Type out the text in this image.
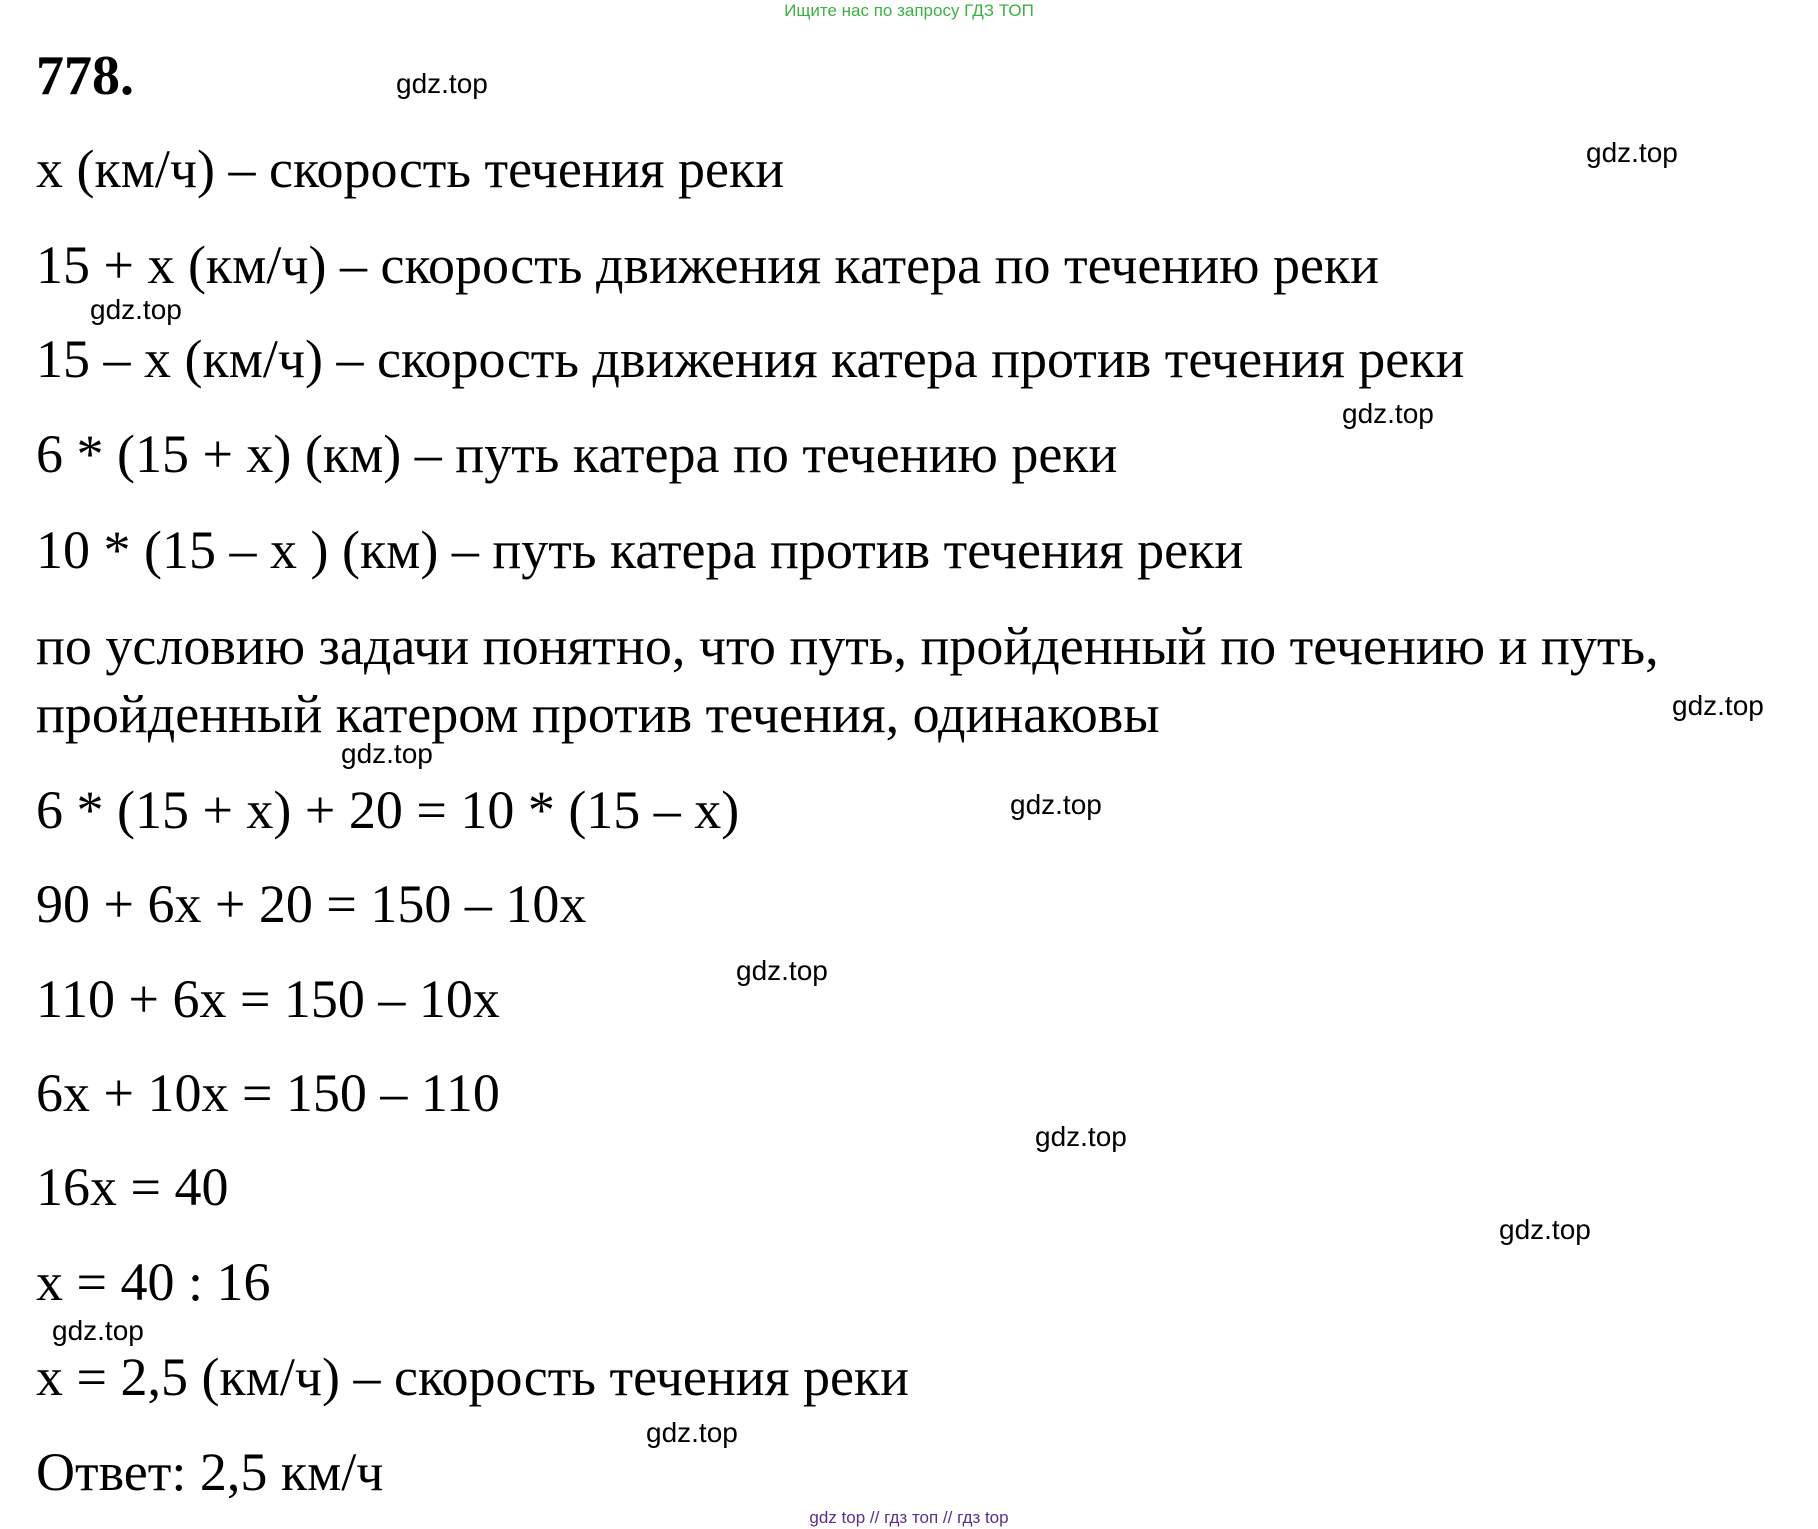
Ищите нас по запросу ГДЗ ТОП
778.
x (км/ч) – скорость течения реки
15 + x (км/ч) – скорость движения катера по течению реки
15 – x (км/ч) – скорость движения катера против течения реки
6 * (15 + x) (км) – путь катера по течению реки
10 * (15 – x ) (км) – путь катера против течения реки
по условию задачи понятно, что путь, пройденный по течению и путь,
пройденный катером против течения, одинаковы
6 * (15 + x) + 20 = 10 * (15 – x)
90 + 6x + 20 = 150 – 10x
110 + 6x = 150 – 10x
6x + 10x = 150 – 110
16x = 40
x = 40 : 16
x = 2,5 (км/ч) – скорость течения реки
Ответ: 2,5 км/ч
gdz.top
gdz.top
gdz.top
gdz.top
gdz.top
gdz.top
gdz.top
gdz.top
gdz.top
gdz.top
gdz.top
gdz.top
gdz top // гдз топ // гдз top
